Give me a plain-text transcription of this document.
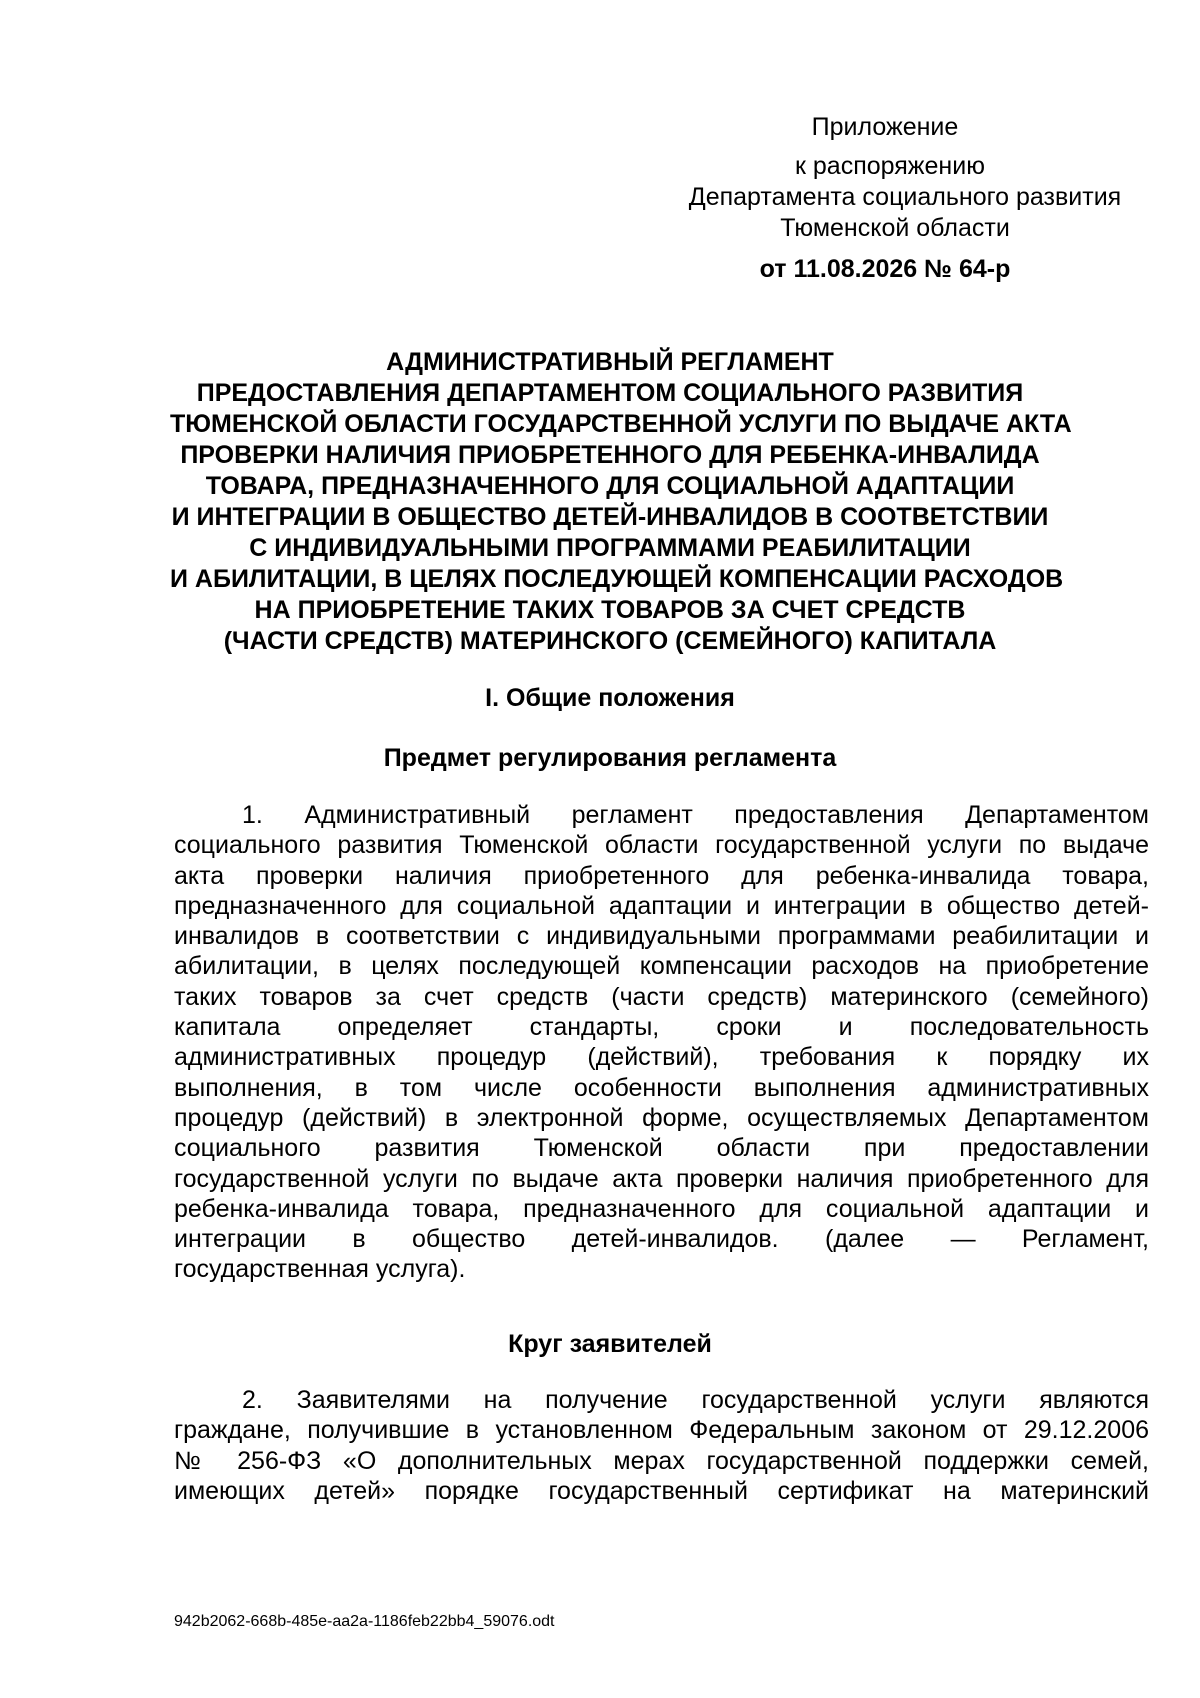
Приложение
к распоряжению
Департамента социального развития
Тюменской области
от 11.08.2026 № 64-р
АДМИНИСТРАТИВНЫЙ РЕГЛАМЕНТ
ПРЕДОСТАВЛЕНИЯ ДЕПАРТАМЕНТОМ СОЦИАЛЬНОГО РАЗВИТИЯ
ТЮМЕНСКОЙ ОБЛАСТИ ГОСУДАРСТВЕННОЙ УСЛУГИ ПО ВЫДАЧЕ АКТА
ПРОВЕРКИ НАЛИЧИЯ ПРИОБРЕТЕННОГО ДЛЯ РЕБЕНКА-ИНВАЛИДА
ТОВАРА, ПРЕДНАЗНАЧЕННОГО ДЛЯ СОЦИАЛЬНОЙ АДАПТАЦИИ
И ИНТЕГРАЦИИ В ОБЩЕСТВО ДЕТЕЙ-ИНВАЛИДОВ В СООТВЕТСТВИИ
С ИНДИВИДУАЛЬНЫМИ ПРОГРАММАМИ РЕАБИЛИТАЦИИ
И АБИЛИТАЦИИ, В ЦЕЛЯХ ПОСЛЕДУЮЩЕЙ КОМПЕНСАЦИИ РАСХОДОВ
НА ПРИОБРЕТЕНИЕ ТАКИХ ТОВАРОВ ЗА СЧЕТ СРЕДСТВ
(ЧАСТИ СРЕДСТВ) МАТЕРИНСКОГО (СЕМЕЙНОГО) КАПИТАЛА
I. Общие положения
Предмет регулирования регламента
1. Административный регламент предоставления Департаментом
социального развития Тюменской области государственной услуги по выдаче
акта проверки наличия приобретенного для ребенка-инвалида товара,
предназначенного для социальной адаптации и интеграции в общество детей-
инвалидов в соответствии с индивидуальными программами реабилитации и
абилитации, в целях последующей компенсации расходов на приобретение
таких товаров за счет средств (части средств) материнского (семейного)
капитала определяет стандарты, сроки и последовательность
административных процедур (действий), требования к порядку их
выполнения, в том числе особенности выполнения административных
процедур (действий) в электронной форме, осуществляемых Департаментом
социального развития Тюменской области при предоставлении
государственной услуги по выдаче акта проверки наличия приобретенного для
ребенка-инвалида товара, предназначенного для социальной адаптации и
интеграции в общество детей-инвалидов. (далее — Регламент,
государственная услуга).
Круг заявителей
2. Заявителями на получение государственной услуги являются
граждане, получившие в установленном Федеральным законом от 29.12.2006
№ 256-ФЗ «О дополнительных мерах государственной поддержки семей,
имеющих детей» порядке государственный сертификат на материнский
942b2062-668b-485e-aa2a-1186feb22bb4_59076.odt
